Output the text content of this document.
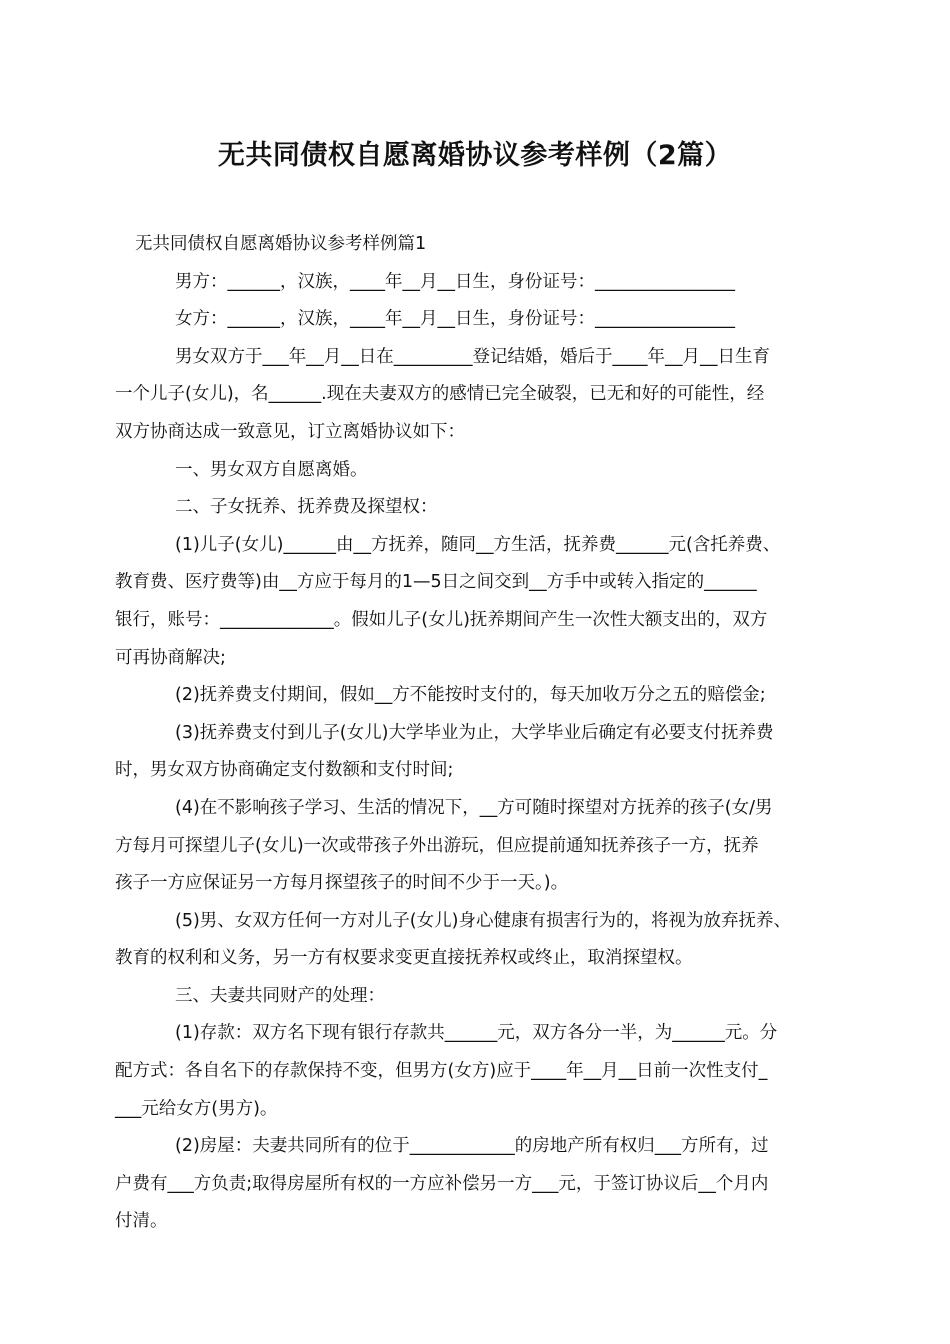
无共同债权自愿离婚协议参考样例（2篇）
无共同债权自愿离婚协议参考样例篇1
男方：______，汉族，____年__月__日生，身份证号：________________
女方：______，汉族，____年__月__日生，身份证号：________________
男女双方于___年__月__日在_________登记结婚，婚后于____年__月__日生育
一个儿子(女儿)，名______.现在夫妻双方的感情已完全破裂，已无和好的可能性，经
双方协商达成一致意见，订立离婚协议如下：
一、男女双方自愿离婚。
二、子女抚养、抚养费及探望权：
(1)儿子(女儿)______由__方抚养，随同__方生活，抚养费______元(含托养费、
教育费、医疗费等)由__方应于每月的1—5日之间交到__方手中或转入指定的______
银行，账号：_____________。假如儿子(女儿)抚养期间产生一次性大额支出的，双方
可再协商解决;
(2)抚养费支付期间，假如__方不能按时支付的，每天加收万分之五的赔偿金;
(3)抚养费支付到儿子(女儿)大学毕业为止，大学毕业后确定有必要支付抚养费
时，男女双方协商确定支付数额和支付时间;
(4)在不影响孩子学习、生活的情况下，__方可随时探望对方抚养的孩子(女/男
方每月可探望儿子(女儿)一次或带孩子外出游玩，但应提前通知抚养孩子一方，抚养
孩子一方应保证另一方每月探望孩子的时间不少于一天。)。
(5)男、女双方任何一方对儿子(女儿)身心健康有损害行为的，将视为放弃抚养、
教育的权利和义务，另一方有权要求变更直接抚养权或终止，取消探望权。
三、夫妻共同财产的处理：
(1)存款：双方名下现有银行存款共______元，双方各分一半，为______元。分
配方式：各自名下的存款保持不变，但男方(女方)应于____年__月__日前一次性支付_
___元给女方(男方)。
(2)房屋：夫妻共同所有的位于____________的房地产所有权归___方所有，过
户费有___方负责;取得房屋所有权的一方应补偿另一方___元，于签订协议后__个月内
付清。
